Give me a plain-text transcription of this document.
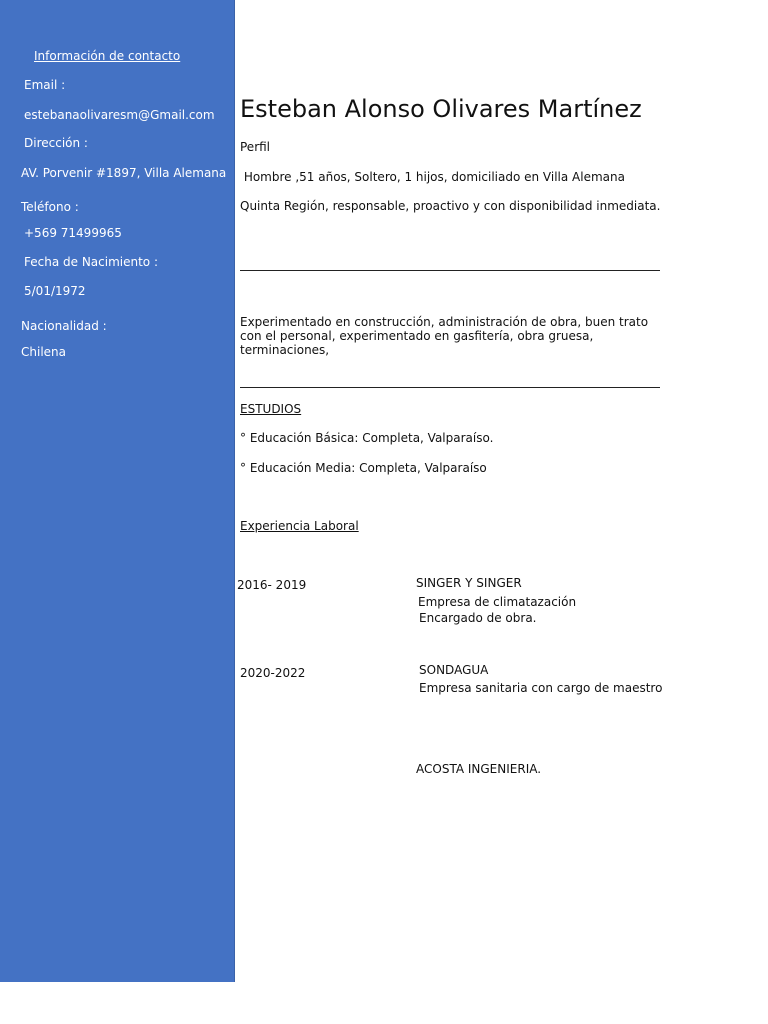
Información de contacto
Email :
estebanaolivaresm@Gmail.com
Dirección :
AV. Porvenir #1897, Villa Alemana
Teléfono :
+569 71499965
Fecha de Nacimiento :
5/01/1972
Nacionalidad :
Chilena
Esteban Alonso Olivares Martínez
Perfil
Hombre ,51 años, Soltero, 1 hijos, domiciliado en Villa Alemana
Quinta Región, responsable, proactivo y con disponibilidad inmediata.
Experimentado en construcción, administración de obra, buen trato con el personal, experimentado en gasfitería, obra gruesa, terminaciones,
ESTUDIOS
° Educación Básica: Completa, Valparaíso.
° Educación Media: Completa, Valparaíso
Experiencia Laboral
2016- 2019	SINGER Y SINGER
Empresa de climatazación
Encargado de obra.
2020-2022	SONDAGUA
Empresa sanitaria con cargo de maestro
ACOSTA INGENIERIA.
